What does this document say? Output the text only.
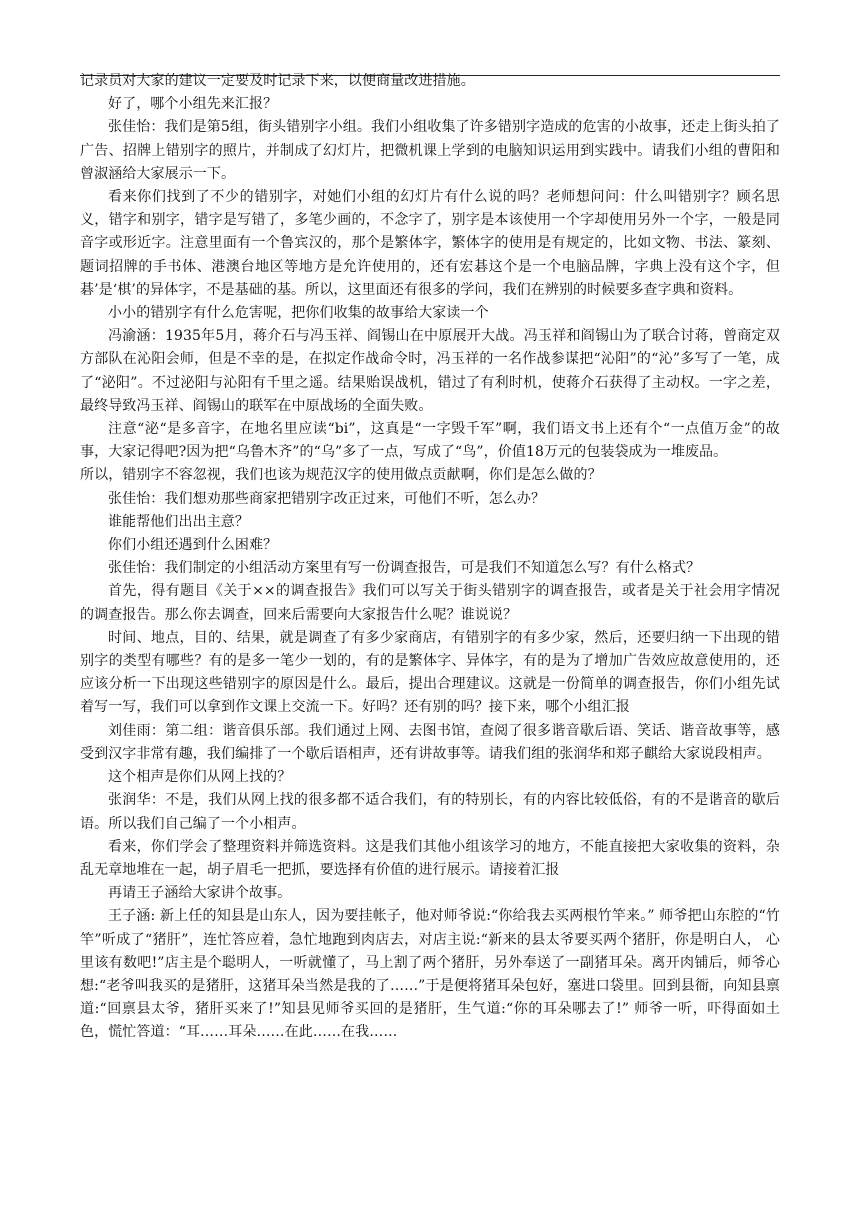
记录员对大家的建议一定要及时记录下来，以便商量改进措施。

好了，哪个小组先来汇报？

张佳怡：我们是第5组，街头错别字小组。我们小组收集了许多错别字造成的危害的小故事，还走上街头拍了广告、招牌上错别字的照片，并制成了幻灯片，把微机课上学到的电脑知识运用到实践中。请我们小组的曹阳和曾淑涵给大家展示一下。

看来你们找到了不少的错别字，对她们小组的幻灯片有什么说的吗？老师想问问：什么叫错别字？顾名思义，错字和别字，错字是写错了，多笔少画的，不念字了，别字是本该使用一个字却使用另外一个字，一般是同音字或形近字。注意里面有一个鲁宾汉的，那个是繁体字，繁体字的使用是有规定的，比如文物、书法、篆刻、题词招牌的手书体、港澳台地区等地方是允许使用的，还有宏碁这个是一个电脑品牌，字典上没有这个字，但碁’是‘棋’的异体字，不是基础的基。所以，这里面还有很多的学问，我们在辨别的时候要多查字典和资料。

小小的错别字有什么危害呢，把你们收集的故事给大家读一个

冯渝涵：1935年5月，蒋介石与冯玉祥、阎锡山在中原展开大战。冯玉祥和阎锡山为了联合讨蒋，曾商定双方部队在沁阳会师，但是不幸的是，在拟定作战命令时，冯玉祥的一名作战参谋把“沁阳”的“沁”多写了一笔，成了“泌阳”。不过泌阳与沁阳有千里之遥。结果贻误战机，错过了有利时机，使蒋介石获得了主动权。一字之差，最终导致冯玉祥、阎锡山的联军在中原战场的全面失败。

注意“泌“是多音字，在地名里应读“bi”，这真是“一字毁千军”啊，我们语文书上还有个“一点值万金”的故事，大家记得吧?因为把“乌鲁木齐”的“乌”多了一点，写成了“鸟”，价值18万元的包装袋成为一堆废品。

所以，错别字不容忽视，我们也该为规范汉字的使用做点贡献啊，你们是怎么做的？

张佳怡：我们想劝那些商家把错别字改正过来，可他们不听，怎么办？

谁能帮他们出出主意？

你们小组还遇到什么困难？

张佳怡：我们制定的小组活动方案里有写一份调查报告，可是我们不知道怎么写？有什么格式？

首先，得有题目《关于××的调查报告》我们可以写关于街头错别字的调查报告，或者是关于社会用字情况的调查报告。那么你去调查，回来后需要向大家报告什么呢？谁说说？

时间、地点，目的、结果，就是调查了有多少家商店，有错别字的有多少家，然后，还要归纳一下出现的错别字的类型有哪些？有的是多一笔少一划的，有的是繁体字、异体字，有的是为了增加广告效应故意使用的，还应该分析一下出现这些错别字的原因是什么。最后，提出合理建议。这就是一份简单的调查报告，你们小组先试着写一写，我们可以拿到作文课上交流一下。好吗？还有别的吗？接下来，哪个小组汇报

刘佳雨：第二组：谐音俱乐部。我们通过上网、去图书馆，查阅了很多谐音歇后语、笑话、谐音故事等，感受到汉字非常有趣，我们编排了一个歇后语相声，还有讲故事等。请我们组的张润华和郑子麒给大家说段相声。

这个相声是你们从网上找的？

张润华：不是，我们从网上找的很多都不适合我们，有的特别长，有的内容比较低俗，有的不是谐音的歇后语。所以我们自己编了一个小相声。

看来，你们学会了整理资料并筛选资料。这是我们其他小组该学习的地方，不能直接把大家收集的资料，杂乱无章地堆在一起，胡子眉毛一把抓，要选择有价值的进行展示。请接着汇报

再请王子涵给大家讲个故事。

王子涵: 新上任的知县是山东人，因为要挂帐子，他对师爷说:“你给我去买两根竹竿来。” 师爷把山东腔的“竹竿”听成了“猪肝”，连忙答应着，急忙地跑到肉店去，对店主说:“新来的县太爷要买两个猪肝，你是明白人， 心里该有数吧!”店主是个聪明人，一听就懂了，马上割了两个猪肝，另外奉送了一副猪耳朵。离开肉铺后，师爷心想:“老爷叫我买的是猪肝，这猪耳朵当然是我的了……”于是便将猪耳朵包好，塞进口袋里。回到县衙，向知县禀道:“回禀县太爷，猪肝买来了!”知县见师爷买回的是猪肝，生气道:“你的耳朵哪去了!” 师爷一听，吓得面如土色，慌忙答道：“耳……耳朵……在此……在我……
